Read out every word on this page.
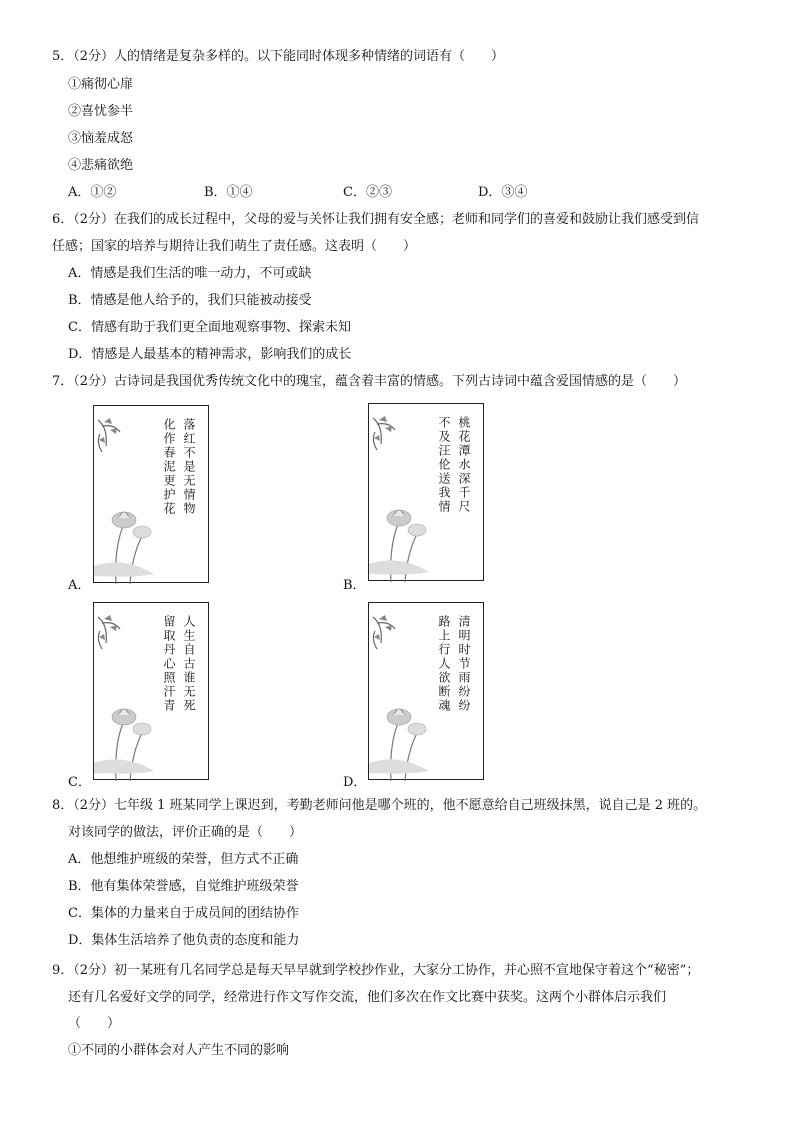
5．（2分）人的情绪是复杂多样的。以下能同时体现多种情绪的词语有（　　）
①痛彻心扉
②喜忧参半
③恼羞成怒
④悲痛欲绝
A．①②	B．①④	C．②③	D．③④
6．（2分）在我们的成长过程中，父母的爱与关怀让我们拥有安全感；老师和同学们的喜爱和鼓励让我们感受到信
任感；国家的培养与期待让我们萌生了责任感。这表明（　　）
A．情感是我们生活的唯一动力，不可或缺
B．情感是他人给予的，我们只能被动接受
C．情感有助于我们更全面地观察事物、探索未知
D．情感是人最基本的精神需求，影响我们的成长
7．（2分）古诗词是我国优秀传统文化中的瑰宝，蕴含着丰富的情感。下列古诗词中蕴含爱国情感的是（　　）
A．
落红不是无情物
化作春泥更护花
B．
桃花潭水深千尺
不及汪伦送我情
C．
人生自古谁无死
留取丹心照汗青
D．
清明时节雨纷纷
路上行人欲断魂
8．（2分）七年级 1 班某同学上课迟到，考勤老师问他是哪个班的，他不愿意给自己班级抹黑，说自己是 2 班的。
对该同学的做法，评价正确的是（　　）
A．他想维护班级的荣誉，但方式不正确
B．他有集体荣誉感，自觉维护班级荣誉
C．集体的力量来自于成员间的团结协作
D．集体生活培养了他负责的态度和能力
9．（2分）初一某班有几名同学总是每天早早就到学校抄作业，大家分工协作，并心照不宣地保守着这个“秘密”；
还有几名爱好文学的同学，经常进行作文写作交流，他们多次在作文比赛中获奖。这两个小群体启示我们
（　　）
①不同的小群体会对人产生不同的影响
